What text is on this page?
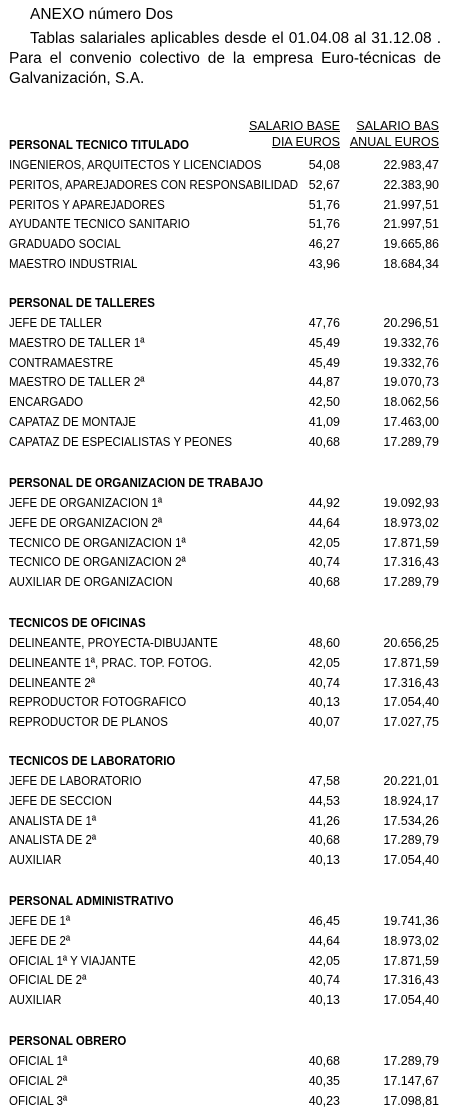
ANEXO número Dos
Tablas salariales aplicables desde el 01.04.08 al 31.12.08 . Para el convenio colectivo de la empresa Euro-técnicas de Galvanización, S.A.
SALARIO BASE
DIA EUROS
SALARIO BAS
ANUAL EUROS
PERSONAL TECNICO TITULADO
INGENIEROS, ARQUITECTOS Y LICENCIADOS	54,08	22.983,47
PERITOS, APAREJADORES CON RESPONSABILIDAD 52,67	22.383,90
PERITOS Y APAREJADORES	51,76	21.997,51
AYUDANTE TECNICO SANITARIO	51,76	21.997,51
GRADUADO SOCIAL	46,27	19.665,86
MAESTRO INDUSTRIAL	43,96	18.684,34
PERSONAL DE TALLERES
JEFE DE TALLER	47,76	20.296,51
MAESTRO DE TALLER 1ª	45,49	19.332,76
CONTRAMAESTRE	45,49	19.332,76
MAESTRO DE TALLER 2ª	44,87	19.070,73
ENCARGADO	42,50	18.062,56
CAPATAZ DE MONTAJE	41,09	17.463,00
CAPATAZ DE ESPECIALISTAS Y PEONES	40,68	17.289,79
PERSONAL DE ORGANIZACION DE TRABAJO
JEFE DE ORGANIZACION 1ª	44,92	19.092,93
JEFE DE ORGANIZACION 2ª	44,64	18.973,02
TECNICO DE ORGANIZACION 1ª	42,05	17.871,59
TECNICO DE ORGANIZACION 2ª	40,74	17.316,43
AUXILIAR DE ORGANIZACION	40,68	17.289,79
TECNICOS DE OFICINAS
DELINEANTE, PROYECTA-DIBUJANTE	48,60	20.656,25
DELINEANTE 1ª, PRAC. TOP. FOTOG.	42,05	17.871,59
DELINEANTE 2ª	40,74	17.316,43
REPRODUCTOR FOTOGRAFICO	40,13	17.054,40
REPRODUCTOR DE PLANOS	40,07	17.027,75
TECNICOS DE LABORATORIO
JEFE DE LABORATORIO	47,58	20.221,01
JEFE DE SECCION	44,53	18.924,17
ANALISTA DE 1ª	41,26	17.534,26
ANALISTA DE 2ª	40,68	17.289,79
AUXILIAR	40,13	17.054,40
PERSONAL ADMINISTRATIVO
JEFE DE 1ª	46,45	19.741,36
JEFE DE 2ª	44,64	18.973,02
OFICIAL 1ª Y VIAJANTE	42,05	17.871,59
OFICIAL DE 2ª	40,74	17.316,43
AUXILIAR	40,13	17.054,40
PERSONAL OBRERO
OFICIAL 1ª	40,68	17.289,79
OFICIAL 2ª	40,35	17.147,67
OFICIAL 3ª	40,23	17.098,81
